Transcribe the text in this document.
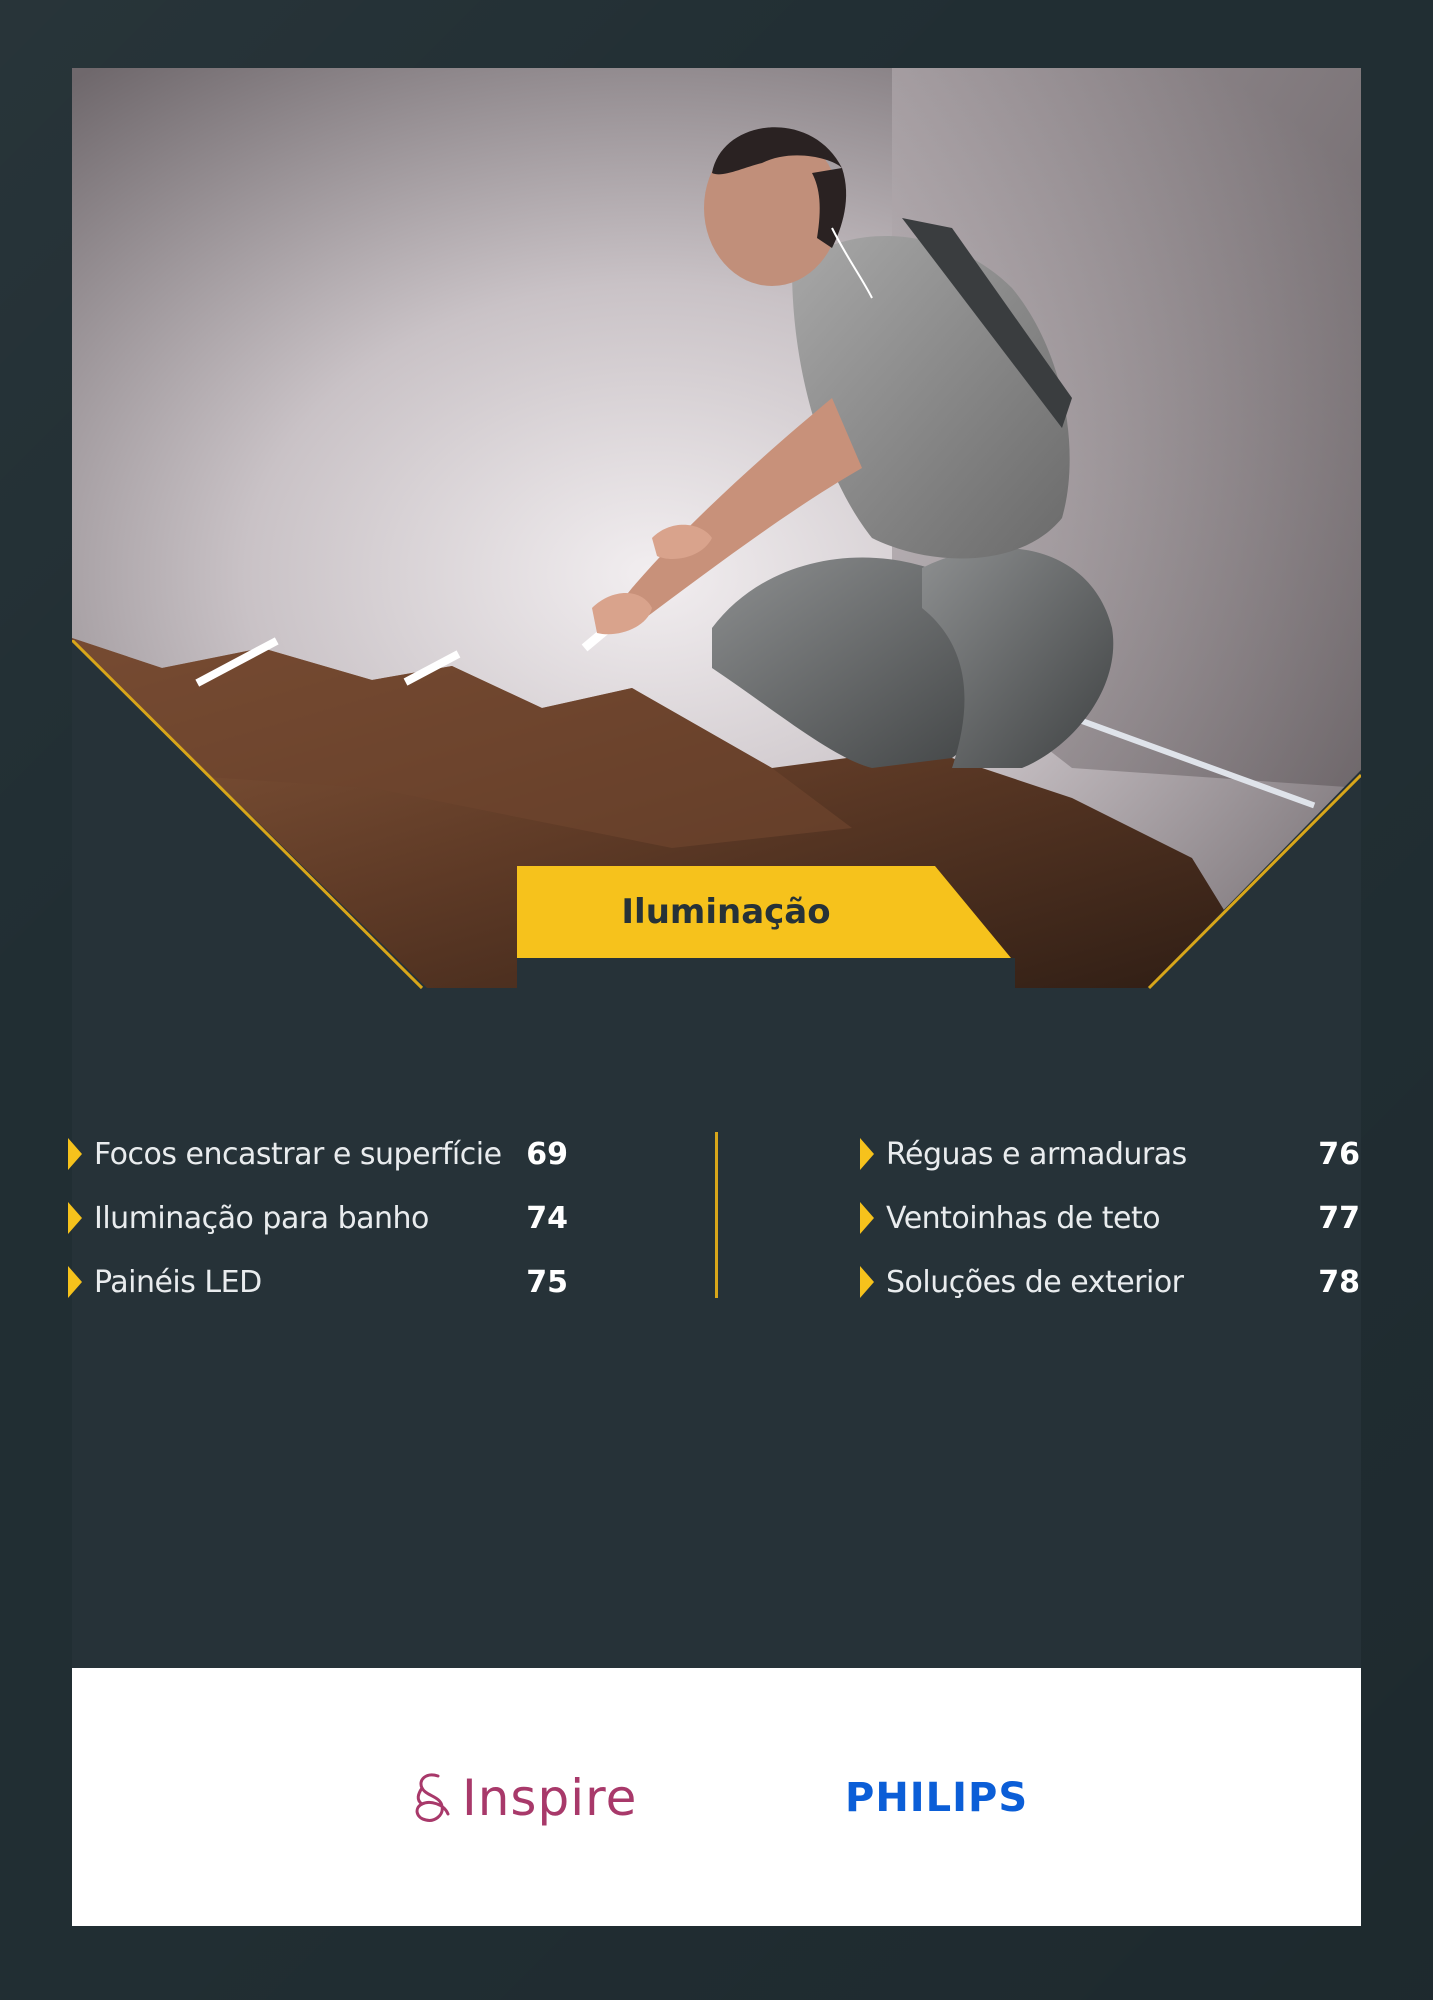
Iluminação
Focos encastrar e superfície 69
Iluminação para banho	74
Painéis LED	75
Réguas e armaduras	76
Ventoinhas de teto	77
Soluções de exterior	78
Inspire	PHILIPS
